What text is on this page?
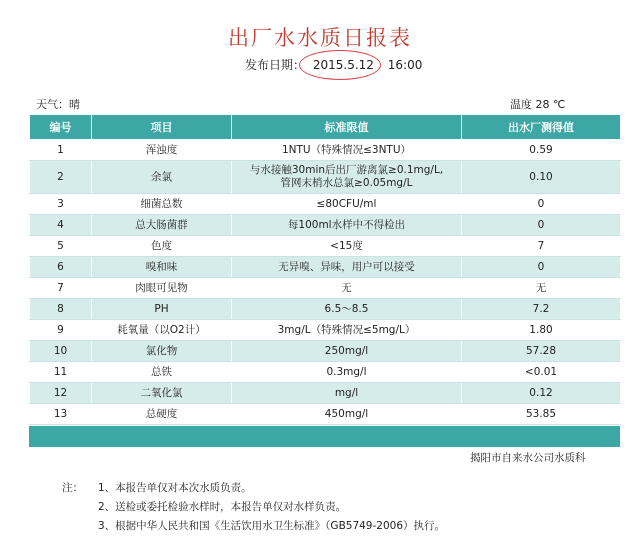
出厂水水质日报表
发布日期： 2015.5.12 16:00
天气：晴	温度 28 ℃
编号	项目	标准限值	出水厂测得值
1	浑浊度	1NTU（特殊情况≤3NTU）	0.59
2	余氯	与水接触30min后出厂游离氯≥0.1mg/L,
管网末梢水总氯≥0.05mg/L	0.10
3	细菌总数	≤80CFU/ml	0
4	总大肠菌群	每100ml水样中不得检出	0
5	色度	<15度	7
6	嗅和味	无异嗅、异味，用户可以接受	0
7	肉眼可见物	无	无
8	PH	6.5～8.5	7.2
9	耗氧量（以O2计）	3mg/L（特殊情况≤5mg/L）	1.80
10	氯化物	250mg/l	57.28
11	总铁	0.3mg/l	<0.01
12	二氧化氯	mg/l	0.12
13	总硬度	450mg/l	53.85
揭阳市自来水公司水质科
注： 1、本报告单仅对本次水质负责。
2、送检或委托检验水样时，本报告单仅对水样负责。
3、根据中华人民共和国《生活饮用水卫生标准》（GB5749-2006）执行。
